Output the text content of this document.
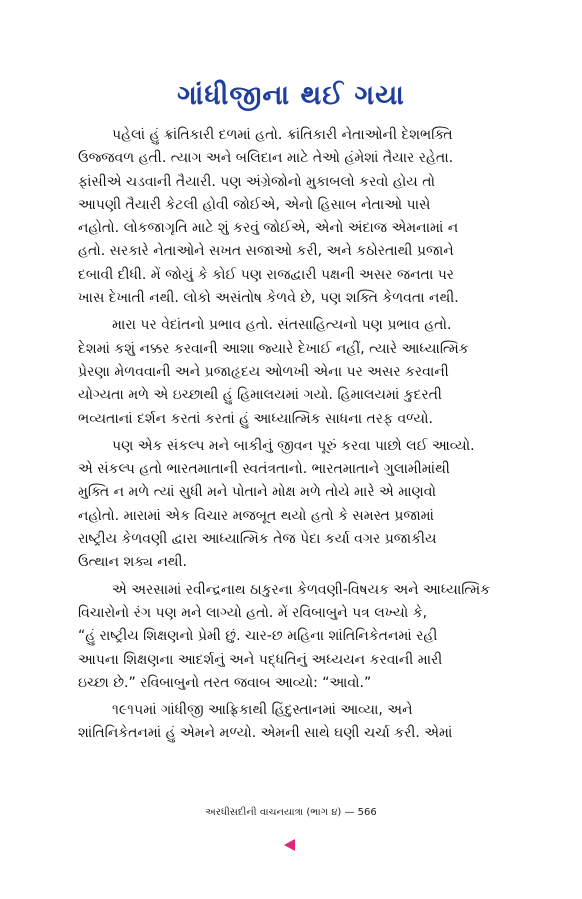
ગાંધીજીના થઈ ગયા

પહેલાં હું ક્રાંતિકારી દળમાં હતો. ક્રાંતિકારી નેતાઓની દેશભક્તિ
ઉજ્જવળ હતી. ત્યાગ અને બલિદાન માટે તેઓ હંમેશાં તૈયાર રહેતા.
ફાંસીએ ચડવાની તૈયારી. પણ અંગ્રેજોનો મુકાબલો કરવો હોય તો
આપણી તૈયારી કેટલી હોવી જોઈએ, એનો હિસાબ નેતાઓ પાસે
નહોતો. લોકજાગૃતિ માટે શું કરવું જોઈએ, એનો અંદાજ એમનામાં ન
હતો. સરકારે નેતાઓને સખત સજાઓ કરી, અને કઠોરતાથી પ્રજાને
દબાવી દીધી. મેં જોયું કે કોઈ પણ રાજદ્વારી પક્ષની અસર જનતા પર
ખાસ દેખાતી નથી. લોકો અસંતોષ કેળવે છે, પણ શક્તિ કેળવતા નથી.

મારા પર વેદાંતનો પ્રભાવ હતો. સંતસાહિત્યનો પણ પ્રભાવ હતો.
દેશમાં કશું નક્કર કરવાની આશા જ્યારે દેખાઈ નહીં, ત્યારે આધ્યાત્મિક
પ્રેરણા મેળવવાની અને પ્રજાહૃદય ઓળખી એના પર અસર કરવાની
યોગ્યતા મળે એ ઇચ્છાથી હું હિમાલયમાં ગયો. હિમાલયમાં કુદરતી
ભવ્યતાનાં દર્શન કરતાં કરતાં હું આધ્યાત્મિક સાધના તરફ વળ્યો.

પણ એક સંકલ્પ મને બાકીનું જીવન પૂરું કરવા પાછો લઈ આવ્યો.
એ સંકલ્પ હતો ભારતમાતાની સ્વતંત્રતાનો. ભારતમાતાને ગુલામીમાંથી
મુક્તિ ન મળે ત્યાં સુધી મને પોતાને મોક્ષ મળે તોયે મારે એ માણવો
નહોતો. મારામાં એક વિચાર મજબૂત થયો હતો કે સમસ્ત પ્રજામાં
રાષ્ટ્રીય કેળવણી દ્વારા આધ્યાત્મિક તેજ પેદા કર્યા વગર પ્રજાકીય
ઉત્થાન શક્ય નથી.

એ અરસામાં રવીન્દ્રનાથ ઠાકુરના કેળવણી-વિષયક અને આધ્યાત્મિક
વિચારોનો રંગ પણ મને લાગ્યો હતો. મેં રવિબાબુને પત્ર લખ્યો કે,
“હું રાષ્ટ્રીય શિક્ષણનો પ્રેમી છું. ચાર-છ મહિના શાંતિનિકેતનમાં રહી
આપના શિક્ષણના આદર્શનું અને પદ્ધતિનું અધ્યયન કરવાની મારી
ઇચ્છા છે.” રવિબાબુનો તરત જવાબ આવ્યો: “આવો.”

૧૯૧૫માં ગાંધીજી આફ્રિકાથી હિંદુસ્તાનમાં આવ્યા, અને
શાંતિનિકેતનમાં હું એમને મળ્યો. એમની સાથે ઘણી ચર્ચા કરી. એમાં

અરધીસદીની વાચનયાત્રા (ભાગ ૪) — 566
